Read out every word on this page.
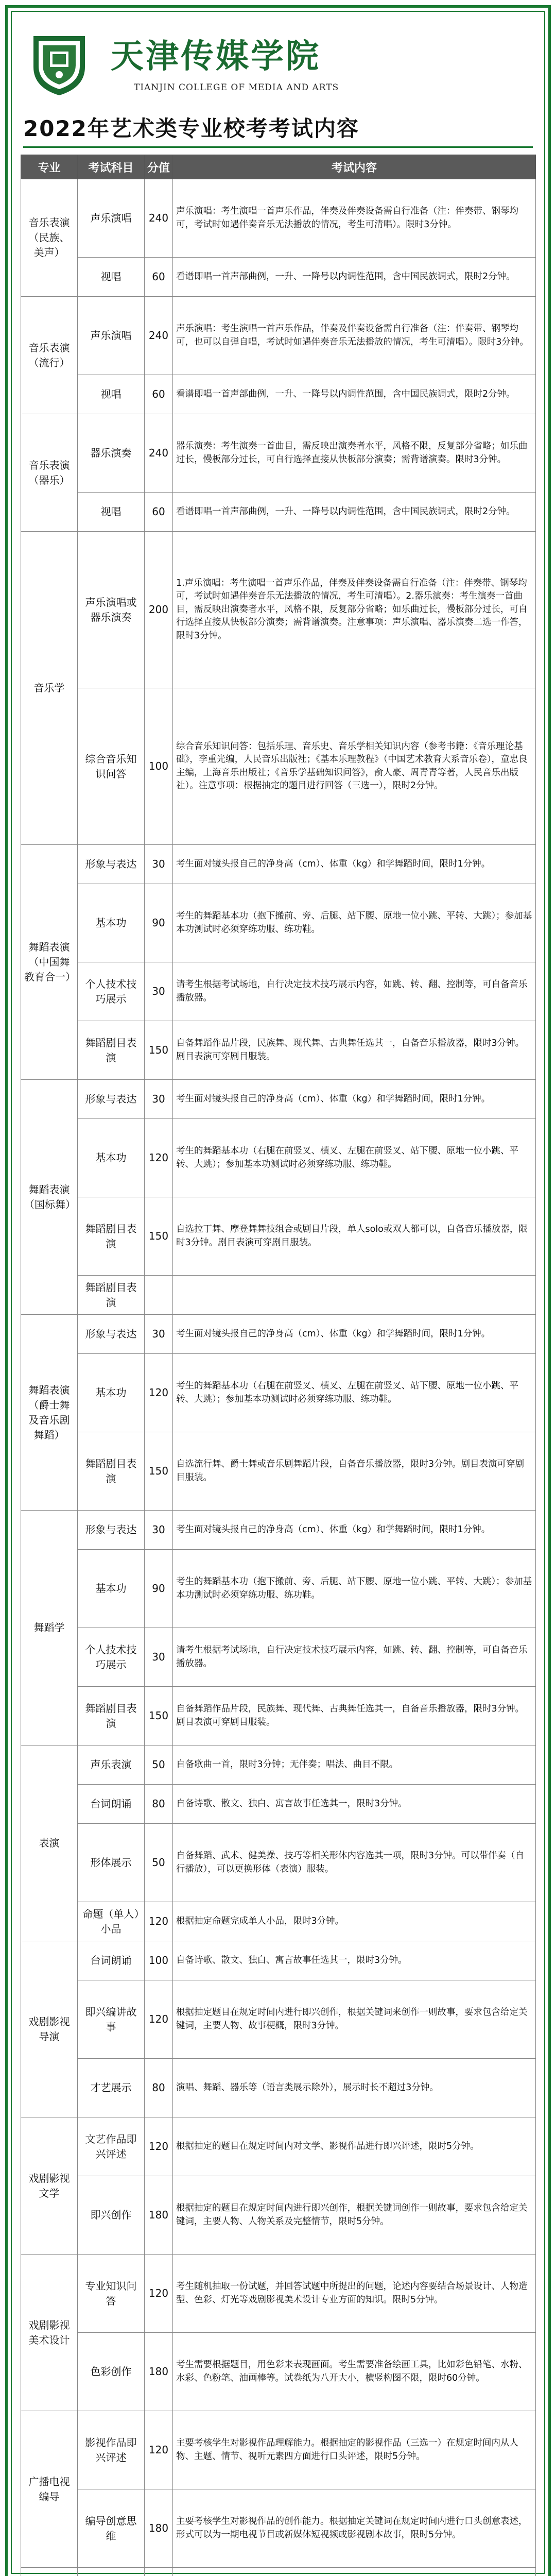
天津传媒学院
TIANJIN COLLEGE OF MEDIA AND ARTS
2022年艺术类专业校考考试内容
专业	考试科目	分值	考试内容
音乐表演（民族、美声）	声乐演唱	240	声乐演唱：考生演唱一首声乐作品，伴奏及伴奏设备需自行准备（注：伴奏带、钢琴均可，考试时如遇伴奏音乐无法播放的情况，考生可清唱）。限时3分钟。
	视唱	60	看谱即唱一首声部曲例，一升、一降号以内调性范围，含中国民族调式，限时2分钟。
音乐表演（流行）	声乐演唱	240	声乐演唱：考生演唱一首声乐作品，伴奏及伴奏设备需自行准备（注：伴奏带、钢琴均可，也可以自弹自唱，考试时如遇伴奏音乐无法播放的情况，考生可清唱）。限时3分钟。
	视唱	60	看谱即唱一首声部曲例，一升、一降号以内调性范围，含中国民族调式，限时2分钟。
音乐表演（器乐）	器乐演奏	240	器乐演奏：考生演奏一首曲目，需反映出演奏者水平，风格不限，反复部分省略；如乐曲过长，慢板部分过长，可自行选择直接从快板部分演奏；需背谱演奏。限时3分钟。
	视唱	60	看谱即唱一首声部曲例，一升、一降号以内调性范围，含中国民族调式，限时2分钟。
音乐学	声乐演唱或器乐演奏	200	1.声乐演唱：考生演唱一首声乐作品，伴奏及伴奏设备需自行准备（注：伴奏带、钢琴均可，考试时如遇伴奏音乐无法播放的情况，考生可清唱）。2.器乐演奏：考生演奏一首曲目，需反映出演奏者水平，风格不限，反复部分省略；如乐曲过长，慢板部分过长，可自行选择直接从快板部分演奏；需背谱演奏。注意事项：声乐演唱、器乐演奏二选一作答，限时3分钟。
	综合音乐知识问答	100	综合音乐知识问答：包括乐理、音乐史、音乐学相关知识内容（参考书籍：《音乐理论基础》，李重光编，人民音乐出版社；《基本乐理教程》（中国艺术教育大系音乐卷），童忠良主编，上海音乐出版社；《音乐学基础知识问答》，俞人豪、周青青等著，人民音乐出版社）。注意事项：根据抽定的题目进行回答（三选一），限时2分钟。
舞蹈表演（中国舞教育合一）	形象与表达	30	考生面对镜头报自己的净身高（cm）、体重（kg）和学舞蹈时间，限时1分钟。
	基本功	90	考生的舞蹈基本功（抱下搬前、旁、后腿、站下腰、原地一位小跳、平转、大跳）；参加基本功测试时必须穿练功服、练功鞋。
	个人技术技巧展示	30	请考生根据考试场地，自行决定技术技巧展示内容，如跳、转、翻、控制等，可自备音乐播放器。
	舞蹈剧目表演	150	自备舞蹈作品片段，民族舞、现代舞、古典舞任选其一，自备音乐播放器，限时3分钟。剧目表演可穿剧目服装。
舞蹈表演（国标舞）	形象与表达	30	考生面对镜头报自己的净身高（cm）、体重（kg）和学舞蹈时间，限时1分钟。
	基本功	120	考生的舞蹈基本功（右腿在前竖叉、横叉、左腿在前竖叉、站下腰、原地一位小跳、平转、大跳）；参加基本功测试时必须穿练功服、练功鞋。
	舞蹈剧目表演	150	自选拉丁舞、摩登舞舞技组合或剧目片段，单人solo或双人都可以，自备音乐播放器，限时3分钟。剧目表演可穿剧目服装。
	舞蹈剧目表演		
舞蹈表演（爵士舞及音乐剧舞蹈）	形象与表达	30	考生面对镜头报自己的净身高（cm）、体重（kg）和学舞蹈时间，限时1分钟。
	基本功	120	考生的舞蹈基本功（右腿在前竖叉、横叉、左腿在前竖叉、站下腰、原地一位小跳、平转、大跳）；参加基本功测试时必须穿练功服、练功鞋。
	舞蹈剧目表演	150	自选流行舞、爵士舞或音乐剧舞蹈片段，自备音乐播放器，限时3分钟。剧目表演可穿剧目服装。
舞蹈学	形象与表达	30	考生面对镜头报自己的净身高（cm）、体重（kg）和学舞蹈时间，限时1分钟。
	基本功	90	考生的舞蹈基本功（抱下搬前、旁、后腿、站下腰、原地一位小跳、平转、大跳）；参加基本功测试时必须穿练功服、练功鞋。
	个人技术技巧展示	30	请考生根据考试场地，自行决定技术技巧展示内容，如跳、转、翻、控制等，可自备音乐播放器。
	舞蹈剧目表演	150	自备舞蹈作品片段，民族舞、现代舞、古典舞任选其一，自备音乐播放器，限时3分钟。剧目表演可穿剧目服装。
表演	声乐表演	50	自备歌曲一首，限时3分钟；无伴奏；唱法、曲目不限。
	台词朗诵	80	自备诗歌、散文、独白、寓言故事任选其一，限时3分钟。
	形体展示	50	自备舞蹈、武术、健美操、技巧等相关形体内容选其一项，限时3分钟。可以带伴奏（自行播放），可以更换形体（表演）服装。
	命题（单人）小品	120	根据抽定命题完成单人小品，限时3分钟。
戏剧影视导演	台词朗诵	100	自备诗歌、散文、独白、寓言故事任选其一，限时3分钟。
	即兴编讲故事	120	根据抽定题目在规定时间内进行即兴创作，根据关键词来创作一则故事，要求包含给定关键词，主要人物、故事梗概，限时3分钟。
	才艺展示	80	演唱、舞蹈、器乐等（语言类展示除外），展示时长不超过3分钟。
戏剧影视文学	文艺作品即兴评述	120	根据抽定的题目在规定时间内对文学、影视作品进行即兴评述，限时5分钟。
	即兴创作	180	根据抽定的题目在规定时间内进行即兴创作，根据关键词创作一则故事，要求包含给定关键词，主要人物、人物关系及完整情节，限时5分钟。
戏剧影视美术设计	专业知识问答	120	考生随机抽取一份试题，并回答试题中所提出的问题，论述内容要结合场景设计、人物造型、色彩、灯光等戏剧影视美术设计专业方面的知识。限时5分钟。
	色彩创作	180	考生需要根据题目，用色彩来表现画面。考生需要准备绘画工具，比如彩色铅笔、水粉、水彩、色粉笔、油画棒等。试卷纸为八开大小，横竖构图不限，限时60分钟。
广播电视编导	影视作品即兴评述	120	主要考核学生对影视作品理解能力。根据抽定的影视作品（三选一）在规定时间内从人物、主题、情节、视听元素四方面进行口头评述，限时5分钟。
	编导创意思维	180	主要考核学生对影视作品的创作能力。根据抽定关键词在规定时间内进行口头创意表述，形式可以为一期电视节目或新媒体短视频或影视剧本故事，限时5分钟。
